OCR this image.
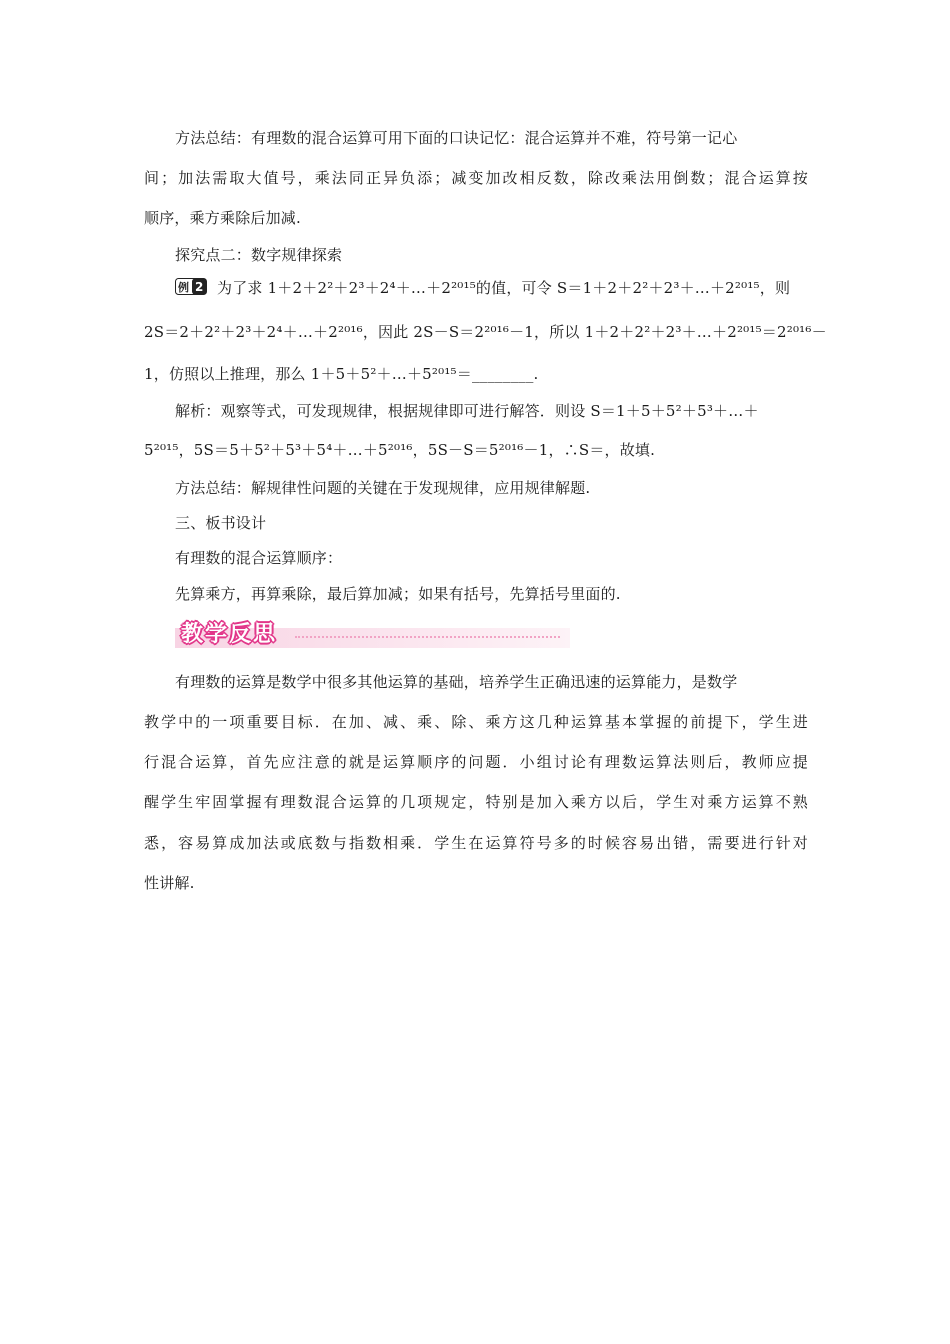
方法总结：有理数的混合运算可用下面的口诀记忆：混合运算并不难，符号第一记心
间；加法需取大值号，乘法同正异负添；减变加改相反数，除改乘法用倒数；混合运算按
顺序，乘方乘除后加减.
探究点二：数字规律探索
例 2 为了求 1＋2＋2²＋2³＋2⁴＋…＋2²⁰¹⁵的值，可令 S＝1＋2＋2²＋2³＋…＋2²⁰¹⁵，则
2S＝2＋2²＋2³＋2⁴＋…＋2²⁰¹⁶，因此 2S－S＝2²⁰¹⁶－1，所以 1＋2＋2²＋2³＋…＋2²⁰¹⁵＝2²⁰¹⁶－
1，仿照以上推理，那么 1＋5＋5²＋…＋5²⁰¹⁵＝________.
解析：观察等式，可发现规律，根据规律即可进行解答．则设 S＝1＋5＋5²＋5³＋…＋
5²⁰¹⁵，5S＝5＋5²＋5³＋5⁴＋…＋5²⁰¹⁶，5S－S＝5²⁰¹⁶－1，∴S＝，故填.
方法总结：解规律性问题的关键在于发现规律，应用规律解题.
三、板书设计
有理数的混合运算顺序：
先算乘方，再算乘除，最后算加减；如果有括号，先算括号里面的.
教学反思
有理数的运算是数学中很多其他运算的基础，培养学生正确迅速的运算能力，是数学
教学中的一项重要目标．在加、减、乘、除、乘方这几种运算基本掌握的前提下，学生进
行混合运算，首先应注意的就是运算顺序的问题．小组讨论有理数运算法则后，教师应提
醒学生牢固掌握有理数混合运算的几项规定，特别是加入乘方以后，学生对乘方运算不熟
悉，容易算成加法或底数与指数相乘．学生在运算符号多的时候容易出错，需要进行针对
性讲解.
